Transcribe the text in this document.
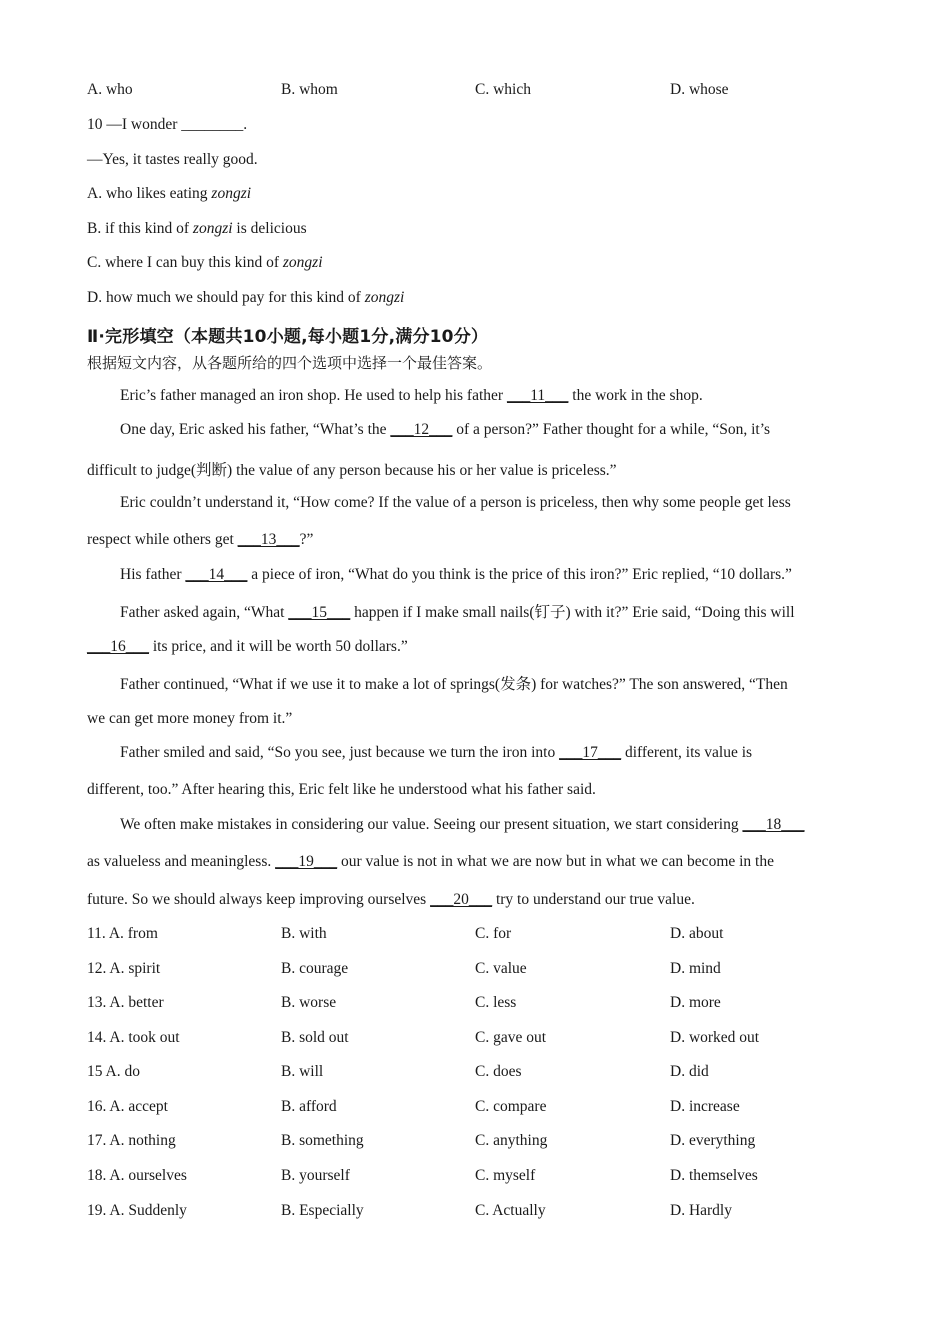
A. who	B. whom	C. which	D. whose
10 —I wonder ________.
—Yes, it tastes really good.
A. who likes eating zongzi
B. if this kind of zongzi is delicious
C. where I can buy this kind of zongzi
D. how much we should pay for this kind of zongzi
Ⅱ·完形填空（本题共10小题,每小题1分,满分10分）
根据短文内容，从各题所给的四个选项中选择一个最佳答案。
Eric’s father managed an iron shop. He used to help his father ___11___ the work in the shop.
One day, Eric asked his father, “What’s the ___12___ of a person?” Father thought for a while, “Son, it’s
difficult to judge(判断) the value of any person because his or her value is priceless.”
Eric couldn’t understand it, “How come? If the value of a person is priceless, then why some people get less
respect while others get ___13___?”
His father ___14___ a piece of iron, “What do you think is the price of this iron?” Eric replied, “10 dollars.”
Father asked again, “What ___15___ happen if I make small nails(钉子) with it?” Erie said, “Doing this will
___16___ its price, and it will be worth 50 dollars.”
Father continued, “What if we use it to make a lot of springs(发条) for watches?” The son answered, “Then
we can get more money from it.”
Father smiled and said, “So you see, just because we turn the iron into ___17___ different, its value is
different, too.” After hearing this, Eric felt like he understood what his father said.
We often make mistakes in considering our value. Seeing our present situation, we start considering ___18___
as valueless and meaningless. ___19___ our value is not in what we are now but in what we can become in the
future. So we should always keep improving ourselves ___20___ try to understand our true value.
11. A. from	B. with	C. for	D. about
12. A. spirit	B. courage	C. value	D. mind
13. A. better	B. worse	C. less	D. more
14. A. took out	B. sold out	C. gave out	D. worked out
15 A. do	B. will	C. does	D. did
16. A. accept	B. afford	C. compare	D. increase
17. A. nothing	B. something	C. anything	D. everything
18. A. ourselves	B. yourself	C. myself	D. themselves
19. A. Suddenly	B. Especially	C. Actually	D. Hardly
